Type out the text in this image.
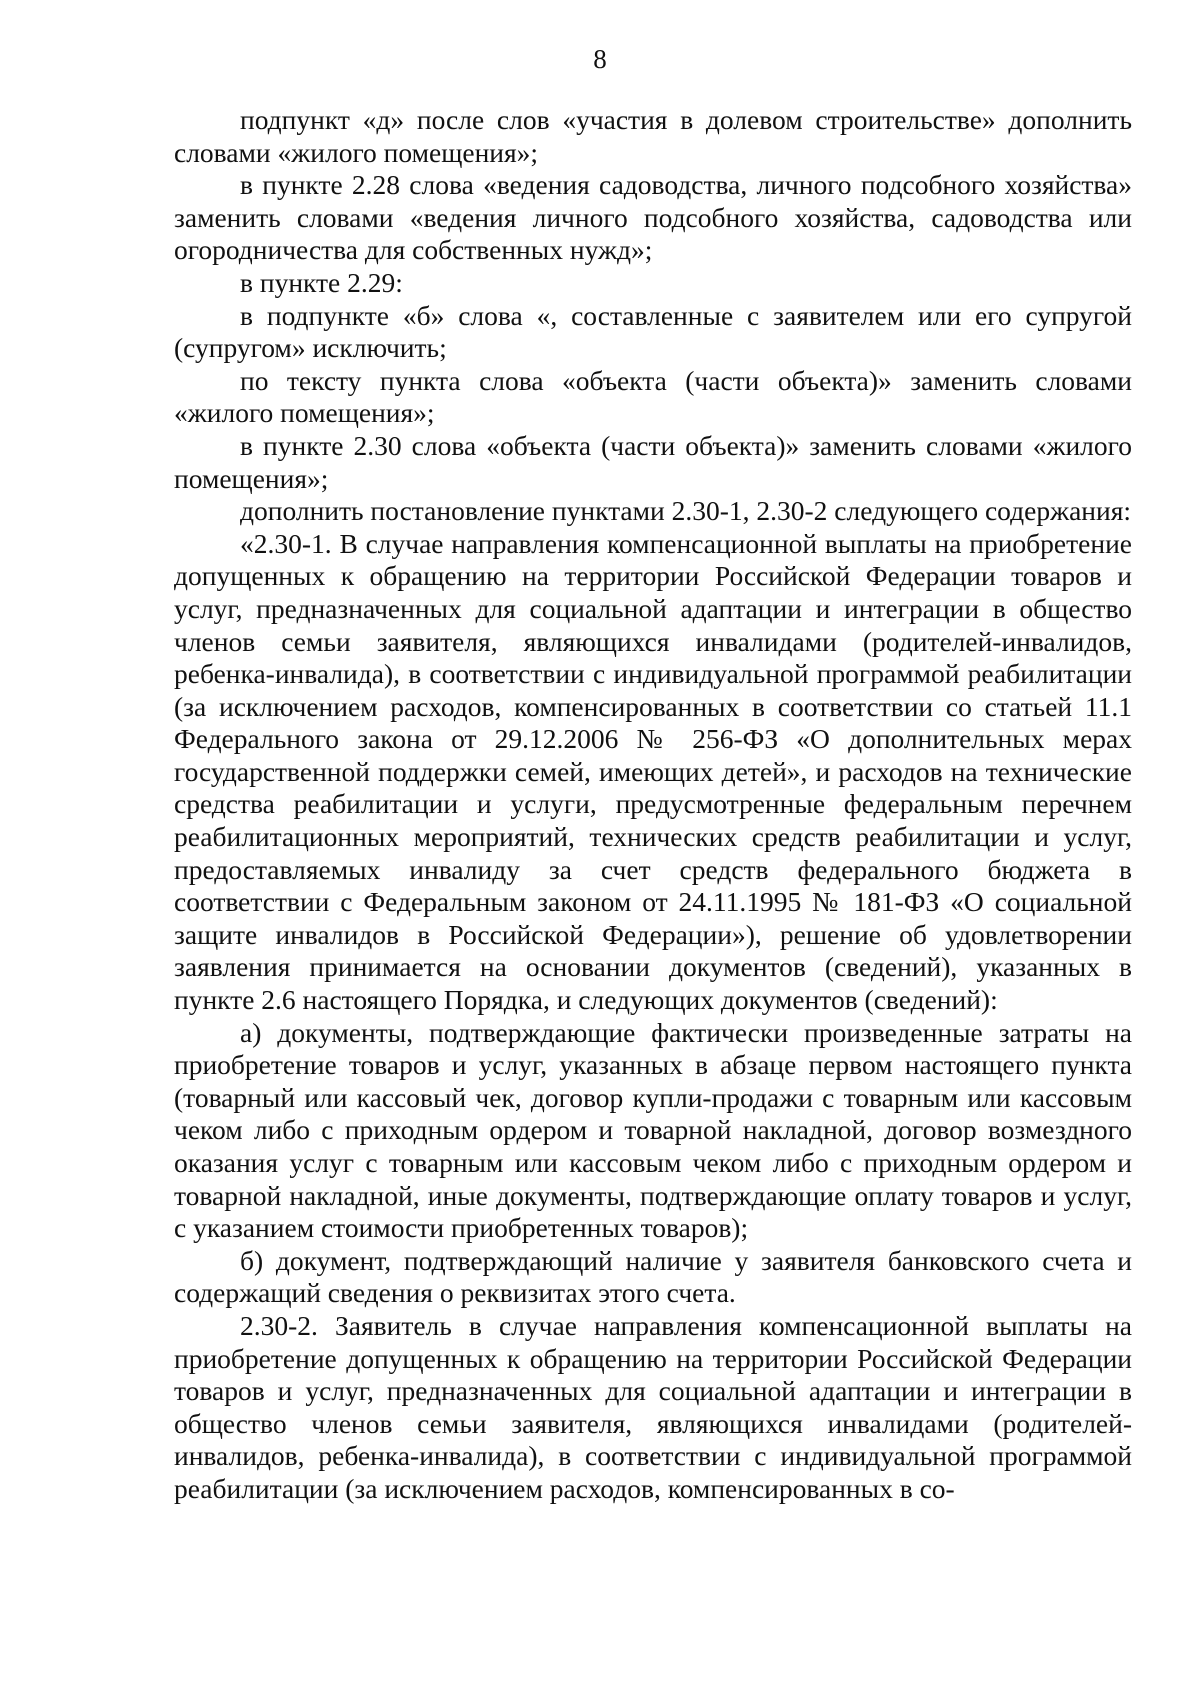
8

подпункт «д» после слов «участия в долевом строительстве» дополнить словами «жилого помещения»;

в пункте 2.28 слова «ведения садоводства, личного подсобного хозяйства» заменить словами «ведения личного подсобного хозяйства, садоводства или огородничества для собственных нужд»;

в пункте 2.29:

в подпункте «б» слова «, составленные с заявителем или его супругой (супругом» исключить;

по тексту пункта слова «объекта (части объекта)» заменить словами «жилого помещения»;

в пункте 2.30 слова «объекта (части объекта)» заменить словами «жилого помещения»;

дополнить постановление пунктами 2.30-1, 2.30-2 следующего содержания:

«2.30-1. В случае направления компенсационной выплаты на приобретение допущенных к обращению на территории Российской Федерации товаров и услуг, предназначенных для социальной адаптации и интеграции в общество членов семьи заявителя, являющихся инвалидами (родителей-инвалидов, ребенка-инвалида), в соответствии с индивидуальной программой реабилитации (за исключением расходов, компенсированных в соответствии со статьей 11.1 Федерального закона от 29.12.2006 № 256-ФЗ «О дополнительных мерах государственной поддержки семей, имеющих детей», и расходов на технические средства реабилитации и услуги, предусмотренные федеральным перечнем реабилитационных мероприятий, технических средств реабилитации и услуг, предоставляемых инвалиду за счет средств федерального бюджета в соответствии с Федеральным законом от 24.11.1995 № 181-ФЗ «О социальной защите инвалидов в Российской Федерации»), решение об удовлетворении заявления принимается на основании документов (сведений), указанных в пункте 2.6 настоящего Порядка, и следующих документов (сведений):

а) документы, подтверждающие фактически произведенные затраты на приобретение товаров и услуг, указанных в абзаце первом настоящего пункта (товарный или кассовый чек, договор купли-продажи с товарным или кассовым чеком либо с приходным ордером и товарной накладной, договор возмездного оказания услуг с товарным или кассовым чеком либо с приходным ордером и товарной накладной, иные документы, подтверждающие оплату товаров и услуг, с указанием стоимости приобретенных товаров);

б) документ, подтверждающий наличие у заявителя банковского счета и содержащий сведения о реквизитах этого счета.

2.30-2. Заявитель в случае направления компенсационной выплаты на приобретение допущенных к обращению на территории Российской Федерации товаров и услуг, предназначенных для социальной адаптации и интеграции в общество членов семьи заявителя, являющихся инвалидами (родителей-инвалидов, ребенка-инвалида), в соответствии с индивидуальной программой реабилитации (за исключением расходов, компенсированных в со-
